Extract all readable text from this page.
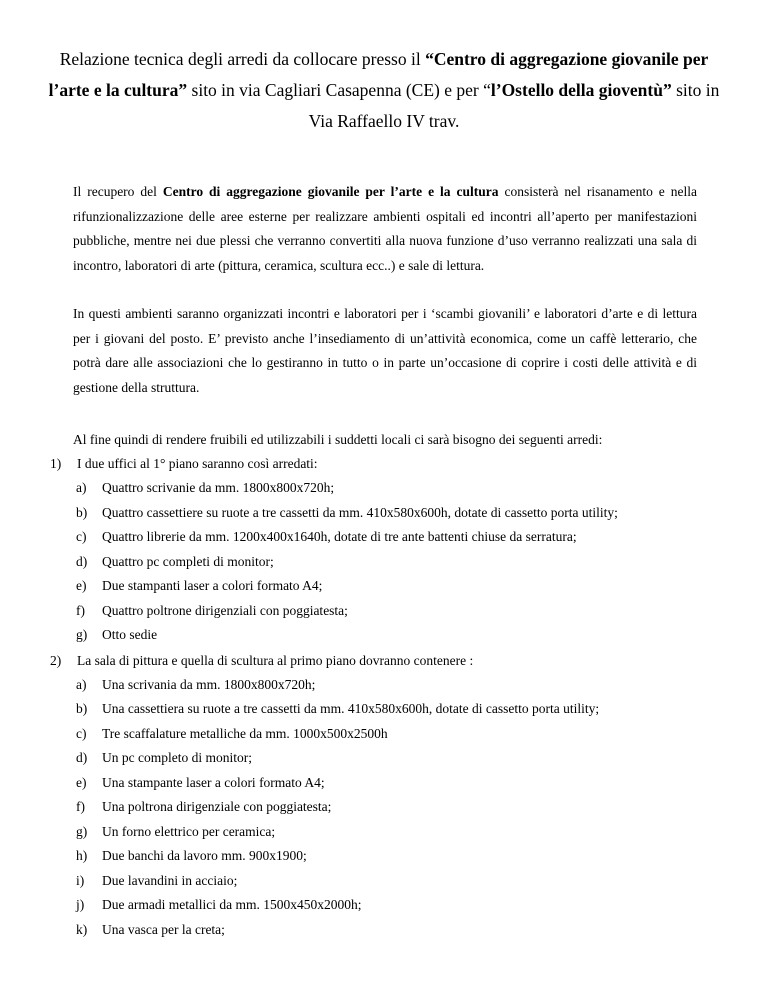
Relazione tecnica degli arredi da collocare presso il “Centro di aggregazione giovanile per l’arte e la cultura” sito in via Cagliari Casapenna (CE) e per “l’Ostello della gioventù” sito in Via Raffaello IV trav.
Il recupero del Centro di aggregazione giovanile per l’arte e la cultura consisterà nel risanamento e nella rifunzionalizzazione delle aree esterne per realizzare ambienti ospitali ed incontri all’aperto per manifestazioni pubbliche, mentre nei due plessi che verranno convertiti alla nuova funzione d’uso verranno realizzati una sala di incontro, laboratori di arte (pittura, ceramica, scultura ecc..) e sale di lettura.
In questi ambienti saranno organizzati incontri e laboratori per i ‘scambi giovanili’ e laboratori d’arte e di lettura per i giovani del posto. E’ previsto anche l’insediamento di un’attività economica, come un caffè letterario, che potrà dare alle associazioni che lo gestiranno in tutto o in parte un’occasione di coprire i costi delle attività e di gestione della struttura.
Al fine quindi di rendere fruibili ed utilizzabili i suddetti locali ci sarà bisogno dei seguenti arredi:
1) I due uffici al 1° piano saranno così arredati:
a) Quattro scrivanie da mm. 1800x800x720h;
b) Quattro cassettiere su ruote a tre cassetti da mm. 410x580x600h, dotate di cassetto porta utility;
c) Quattro librerie da mm. 1200x400x1640h, dotate di tre ante battenti chiuse da serratura;
d) Quattro pc completi di monitor;
e) Due stampanti laser a colori formato A4;
f) Quattro poltrone dirigenziali con poggiatesta;
g) Otto sedie
2) La sala di pittura e quella di scultura al primo piano dovranno contenere :
a) Una scrivania da mm. 1800x800x720h;
b) Una cassettiera su ruote a tre cassetti da mm. 410x580x600h, dotate di cassetto porta utility;
c) Tre scaffalature metalliche da mm. 1000x500x2500h
d) Un pc completo di monitor;
e) Una stampante laser a colori formato A4;
f) Una poltrona dirigenziale con poggiatesta;
g) Un forno elettrico per ceramica;
h) Due banchi da lavoro mm. 900x1900;
i) Due lavandini in acciaio;
j) Due armadi metallici da mm. 1500x450x2000h;
k) Una vasca per la creta;
